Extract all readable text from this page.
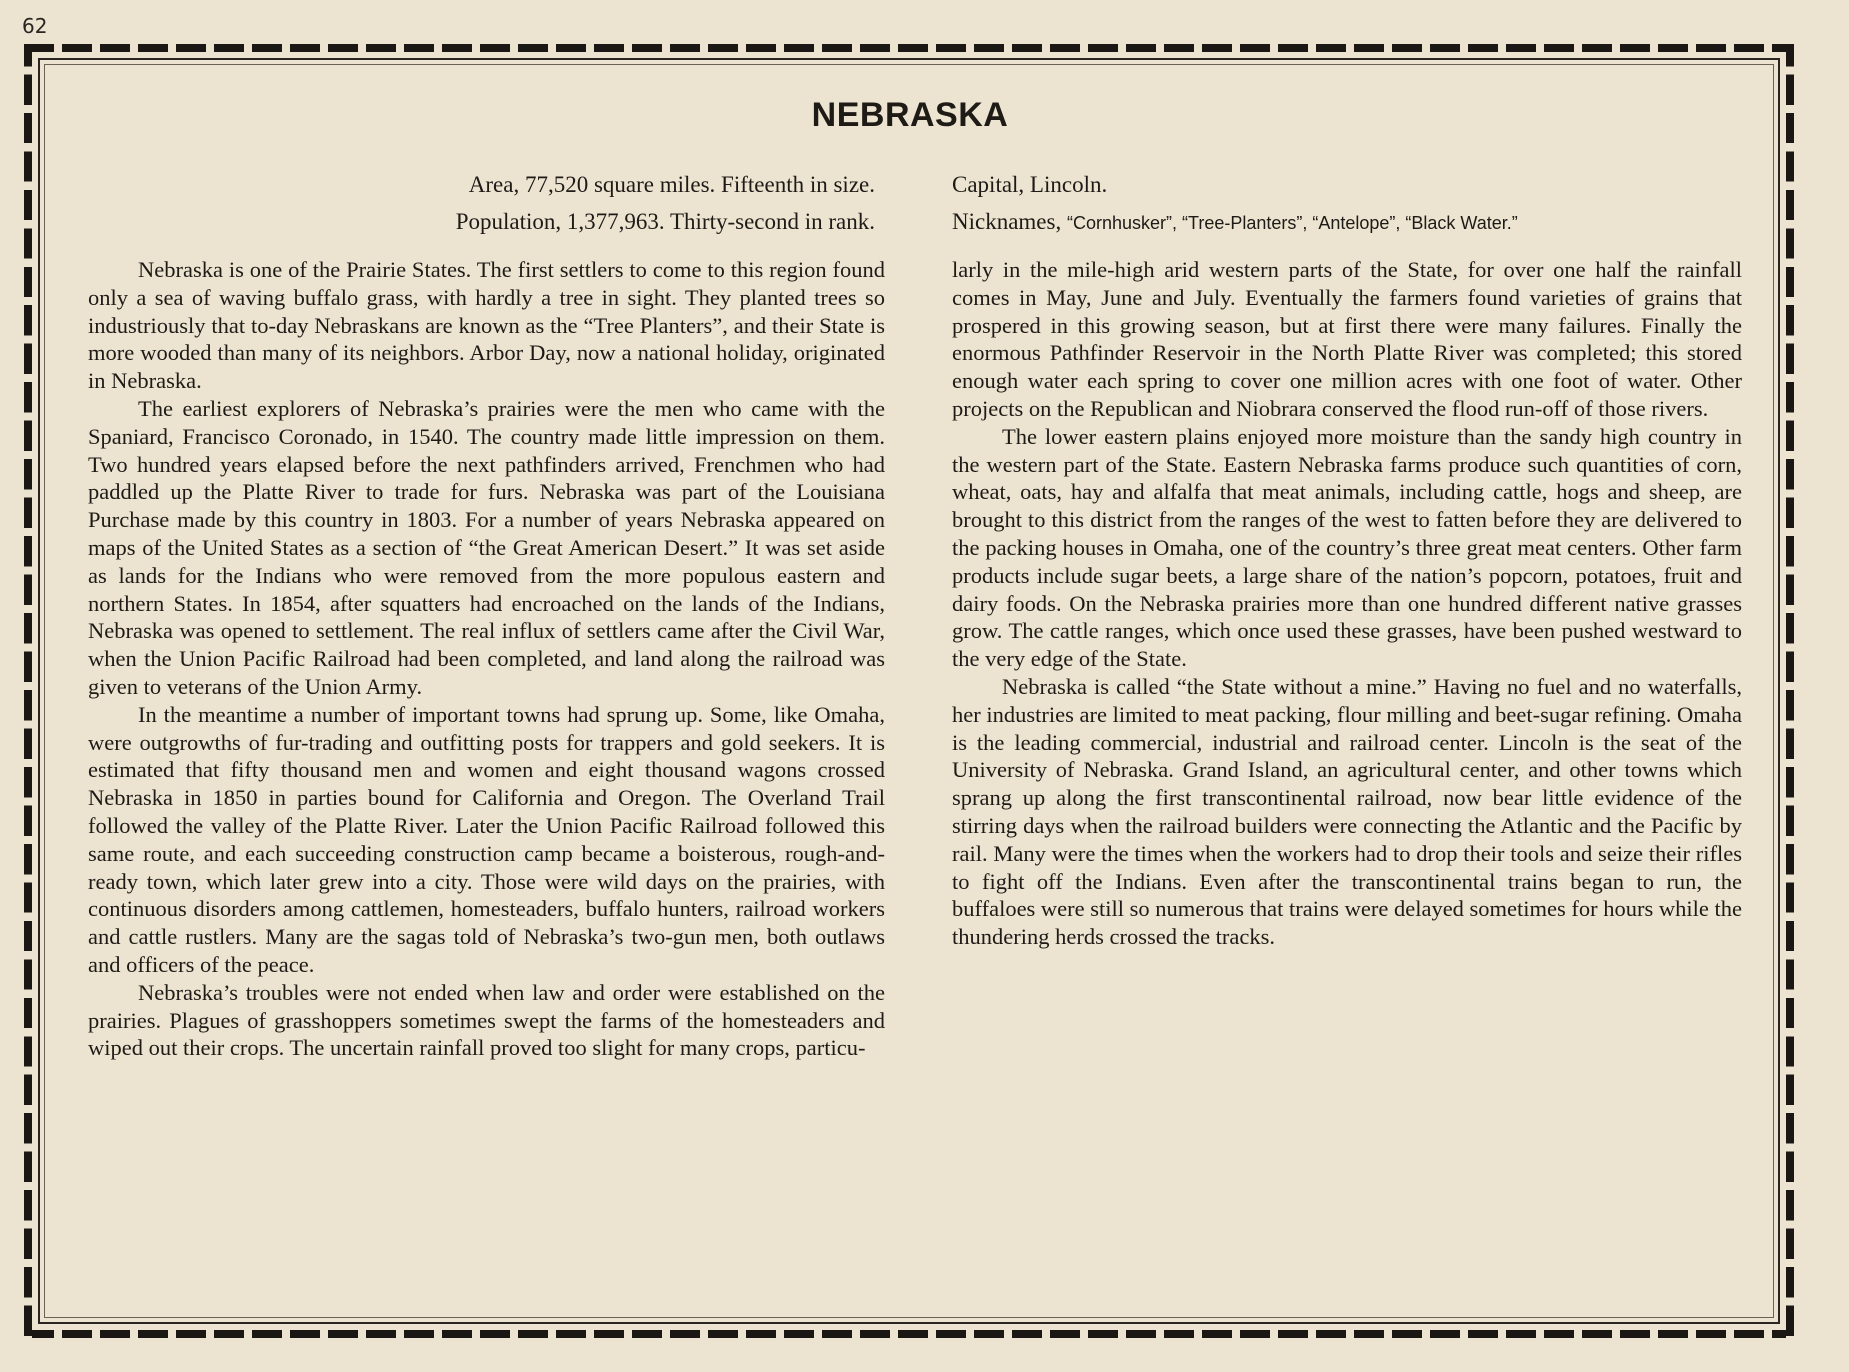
62
NEBRASKA
Area, 77,520 square miles. Fifteenth in size.
Population, 1,377,963. Thirty-second in rank.
Capital, Lincoln.
Nicknames, “Cornhusker”, “Tree-Planters”, “Antelope”, “Black Water.”

Nebraska is one of the Prairie States. The first settlers to come to this region found only a sea of waving buffalo grass, with hardly a tree in sight. They planted trees so industriously that to-day Nebraskans are known as the “Tree Planters”, and their State is more wooded than many of its neighbors. Arbor Day, now a national holiday, originated in Nebraska.

The earliest explorers of Nebraska’s prairies were the men who came with the Spaniard, Francisco Coronado, in 1540. The country made little impression on them. Two hundred years elapsed before the next pathfinders arrived, Frenchmen who had paddled up the Platte River to trade for furs. Nebraska was part of the Louisiana Purchase made by this country in 1803. For a number of years Nebraska appeared on maps of the United States as a section of “the Great American Desert.” It was set aside as lands for the Indians who were removed from the more populous eastern and northern States. In 1854, after squatters had encroached on the lands of the Indians, Nebraska was opened to settlement. The real influx of settlers came after the Civil War, when the Union Pacific Railroad had been completed, and land along the railroad was given to veterans of the Union Army.

In the meantime a number of important towns had sprung up. Some, like Omaha, were outgrowths of fur-trading and outfitting posts for trappers and gold seekers. It is estimated that fifty thousand men and women and eight thousand wagons crossed Nebraska in 1850 in parties bound for California and Oregon. The Overland Trail followed the valley of the Platte River. Later the Union Pacific Railroad followed this same route, and each succeeding construction camp became a boisterous, rough-and-ready town, which later grew into a city. Those were wild days on the prairies, with continuous disorders among cattlemen, homesteaders, buffalo hunters, railroad workers and cattle rustlers. Many are the sagas told of Nebraska’s two-gun men, both outlaws and officers of the peace.

Nebraska’s troubles were not ended when law and order were established on the prairies. Plagues of grasshoppers sometimes swept the farms of the homesteaders and wiped out their crops. The uncertain rainfall proved too slight for many crops, particu-

larly in the mile-high arid western parts of the State, for over one half the rainfall comes in May, June and July. Eventually the farmers found varieties of grains that prospered in this growing season, but at first there were many failures. Finally the enormous Pathfinder Reservoir in the North Platte River was completed; this stored enough water each spring to cover one million acres with one foot of water. Other projects on the Republican and Niobrara conserved the flood run-off of those rivers.

The lower eastern plains enjoyed more moisture than the sandy high country in the western part of the State. Eastern Nebraska farms produce such quantities of corn, wheat, oats, hay and alfalfa that meat animals, including cattle, hogs and sheep, are brought to this district from the ranges of the west to fatten before they are delivered to the packing houses in Omaha, one of the country’s three great meat centers. Other farm products include sugar beets, a large share of the nation’s popcorn, potatoes, fruit and dairy foods. On the Nebraska prairies more than one hundred different native grasses grow. The cattle ranges, which once used these grasses, have been pushed westward to the very edge of the State.

Nebraska is called “the State without a mine.” Having no fuel and no waterfalls, her industries are limited to meat packing, flour milling and beet-sugar refining. Omaha is the leading commercial, industrial and railroad center. Lincoln is the seat of the University of Nebraska. Grand Island, an agricultural center, and other towns which sprang up along the first transcontinental railroad, now bear little evidence of the stirring days when the railroad builders were connecting the Atlantic and the Pacific by rail. Many were the times when the workers had to drop their tools and seize their rifles to fight off the Indians. Even after the transcontinental trains began to run, the buffaloes were still so numerous that trains were delayed sometimes for hours while the thundering herds crossed the tracks.
